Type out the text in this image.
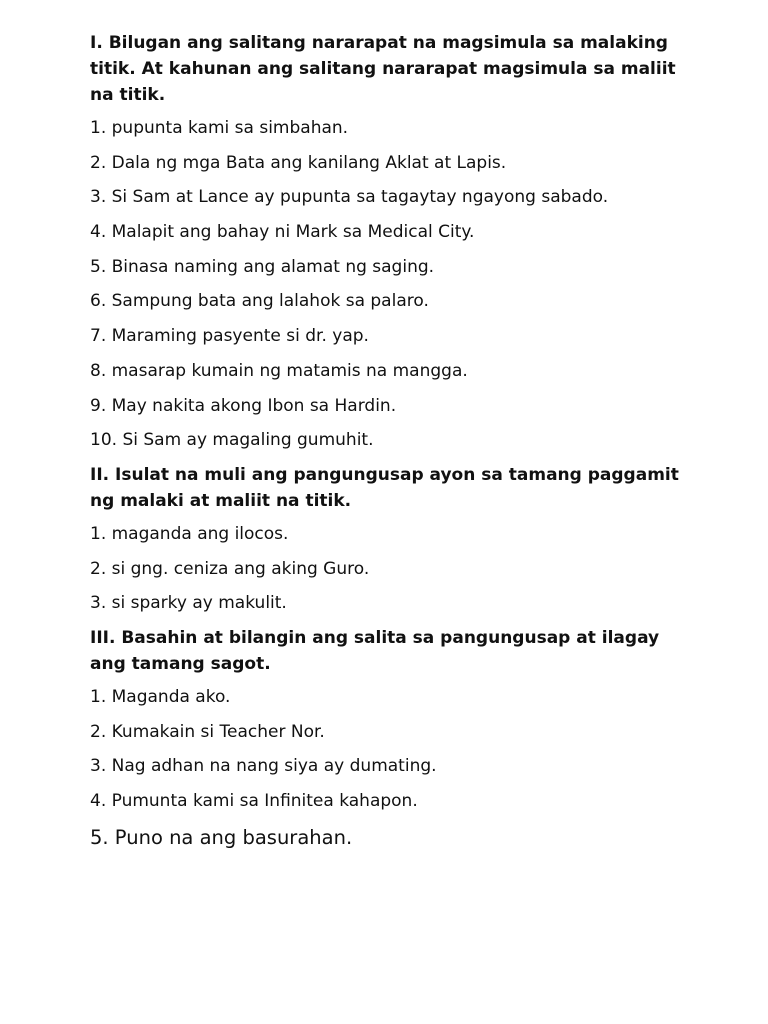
I. Bilugan ang salitang nararapat na magsimula sa malaking titik. At kahunan ang salitang nararapat magsimula sa maliit na titik.

1. pupunta kami sa simbahan.

2. Dala ng mga Bata ang kanilang Aklat at Lapis.

3. Si Sam at Lance ay pupunta sa tagaytay ngayong sabado.

4. Malapit ang bahay ni Mark sa Medical City.

5. Binasa naming ang alamat ng saging.

6. Sampung bata ang lalahok sa palaro.

7. Maraming pasyente si dr. yap.

8. masarap kumain ng matamis na mangga.

9. May nakita akong Ibon sa Hardin.

10. Si Sam ay magaling gumuhit.

II. Isulat na muli ang pangungusap ayon sa tamang paggamit ng malaki at maliit na titik.

1. maganda ang ilocos.

2. si gng. ceniza ang aking Guro.

3. si sparky ay makulit.

III. Basahin at bilangin ang salita sa pangungusap at ilagay ang tamang sagot.

1. Maganda ako.

2. Kumakain si Teacher Nor.

3. Nag adhan na nang siya ay dumating.

4. Pumunta kami sa Infinitea kahapon.

5. Puno na ang basurahan.
